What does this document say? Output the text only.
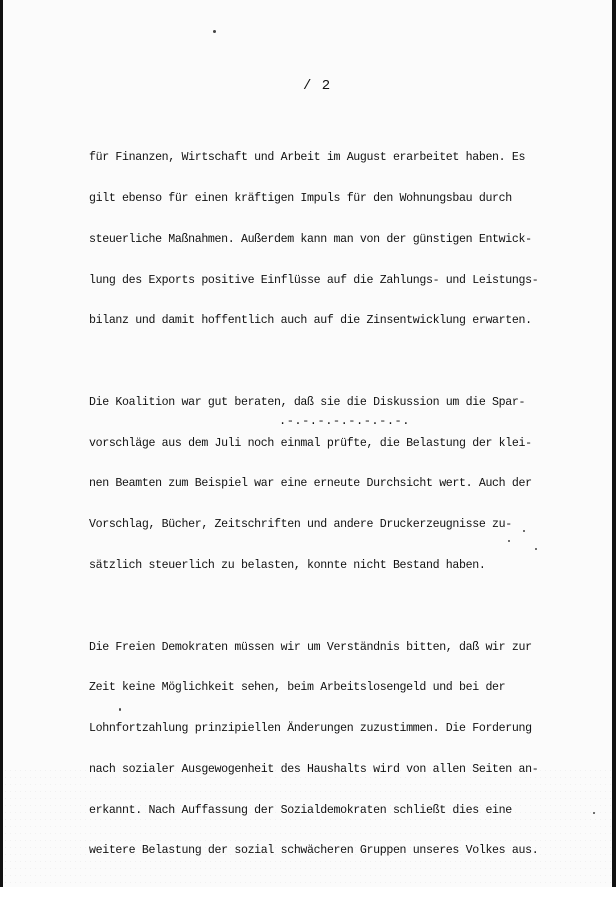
/ 2

für Finanzen, Wirtschaft und Arbeit im August erarbeitet haben. Es

gilt ebenso für einen kräftigen Impuls für den Wohnungsbau durch

steuerliche Maßnahmen. Außerdem kann man von der günstigen Entwick-

lung des Exports positive Einflüsse auf die Zahlungs- und Leistungs-

bilanz und damit hoffentlich auch auf die Zinsentwicklung erwarten.

Die Koalition war gut beraten, daß sie die Diskussion um die Spar-

vorschläge aus dem Juli noch einmal prüfte, die Belastung der klei-

nen Beamten zum Beispiel war eine erneute Durchsicht wert. Auch der

Vorschlag, Bücher, Zeitschriften und andere Druckerzeugnisse zu-

sätzlich steuerlich zu belasten, konnte nicht Bestand haben.

Die Freien Demokraten müssen wir um Verständnis bitten, daß wir zur

Zeit keine Möglichkeit sehen, beim Arbeitslosengeld und bei der

Lohnfortzahlung prinzipiellen Änderungen zuzustimmen. Die Forderung

nach sozialer Ausgewogenheit des Haushalts wird von allen Seiten an-

erkannt. Nach Auffassung der Sozialdemokraten schließt dies eine

weitere Belastung der sozial schwächeren Gruppen unseres Volkes aus.

.-.-.-.-.-.-.-.-.
